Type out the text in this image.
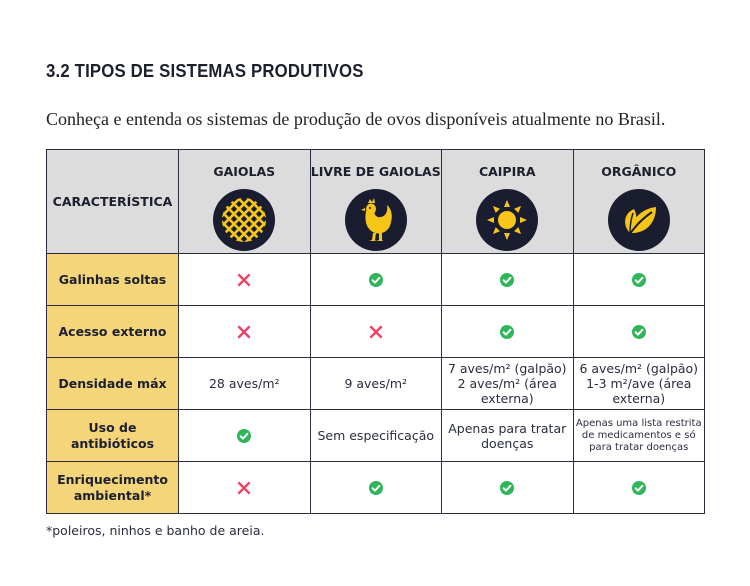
3.2 TIPOS DE SISTEMAS PRODUTIVOS

Conheça e entenda os sistemas de produção de ovos disponíveis atualmente no Brasil.

CARACTERÍSTICA	GAIOLAS	LIVRE DE GAIOLAS	CAIPIRA	ORGÂNICO

Galinhas soltas				
Acesso externo				
Densidade máx	28 aves/m²	9 aves/m²	7 aves/m² (galpão) 2 aves/m² (área externa)	6 aves/m² (galpão) 1-3 m²/ave (área externa)
Uso de antibióticos		Sem especificação	Apenas para tratar doenças	Apenas uma lista restrita de medicamentos e só para tratar doenças
Enriquecimento ambiental*				

*poleiros, ninhos e banho de areia.
